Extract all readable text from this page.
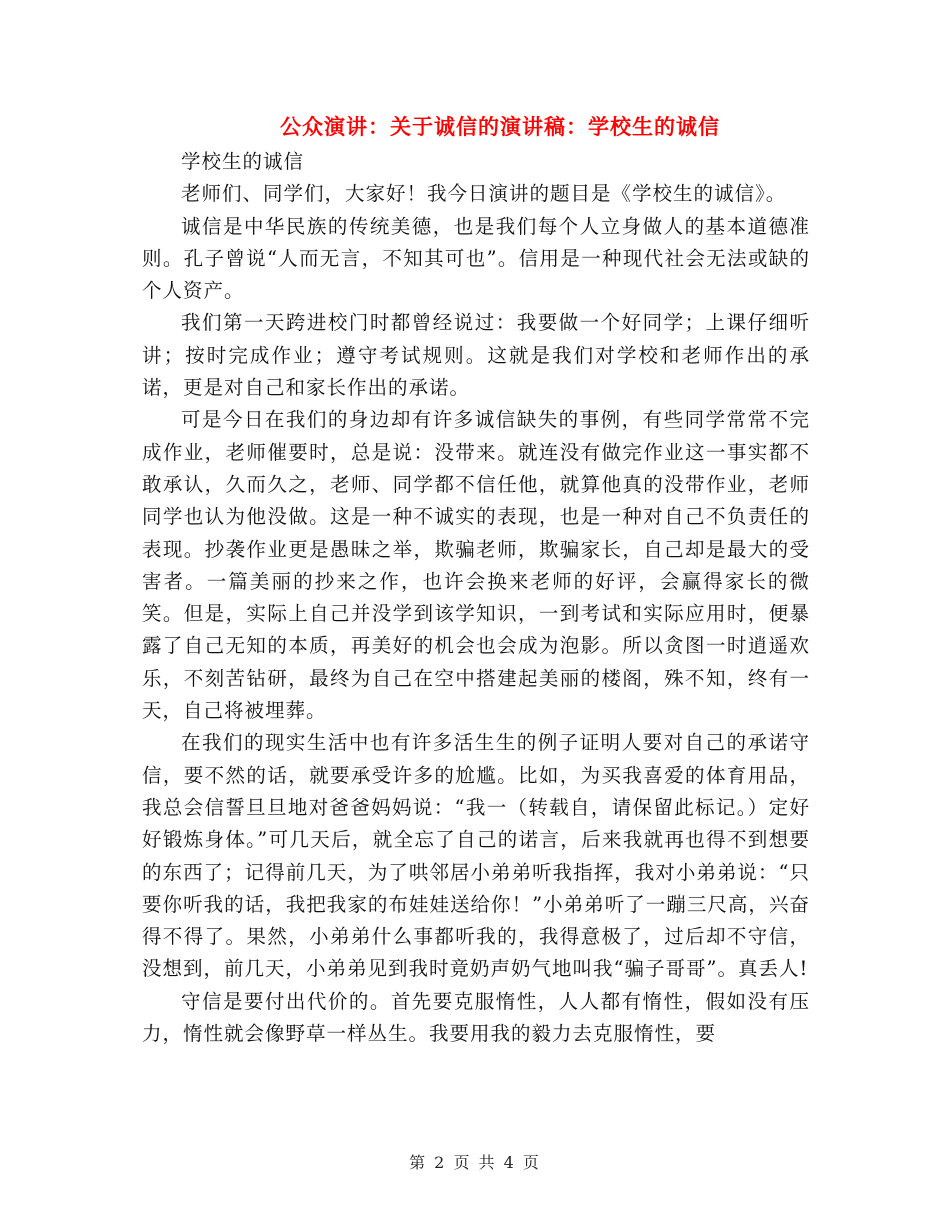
公众演讲：关于诚信的演讲稿：学校生的诚信

学校生的诚信

老师们、同学们，大家好！我今日演讲的题目是《学校生的诚信》。

诚信是中华民族的传统美德，也是我们每个人立身做人的基本道德准则。孔子曾说“人而无言，不知其可也”。信用是一种现代社会无法或缺的个人资产。

我们第一天跨进校门时都曾经说过：我要做一个好同学；上课仔细听讲；按时完成作业；遵守考试规则。这就是我们对学校和老师作出的承诺，更是对自己和家长作出的承诺。

可是今日在我们的身边却有许多诚信缺失的事例，有些同学常常不完成作业，老师催要时，总是说：没带来。就连没有做完作业这一事实都不敢承认，久而久之，老师、同学都不信任他，就算他真的没带作业，老师同学也认为他没做。这是一种不诚实的表现，也是一种对自己不负责任的表现。抄袭作业更是愚昧之举，欺骗老师，欺骗家长，自己却是最大的受害者。一篇美丽的抄来之作，也许会换来老师的好评，会赢得家长的微笑。但是，实际上自己并没学到该学知识，一到考试和实际应用时，便暴露了自己无知的本质，再美好的机会也会成为泡影。所以贪图一时逍遥欢乐，不刻苦钻研，最终为自己在空中搭建起美丽的楼阁，殊不知，终有一天，自己将被埋葬。

在我们的现实生活中也有许多活生生的例子证明人要对自己的承诺守信，要不然的话，就要承受许多的尬尴。比如，为买我喜爱的体育用品，我总会信誓旦旦地对爸爸妈妈说：“我一（转载自，请保留此标记。）定好好锻炼身体。”可几天后，就全忘了自己的诺言，后来我就再也得不到想要的东西了；记得前几天，为了哄邻居小弟弟听我指挥，我对小弟弟说：“只要你听我的话，我把我家的布娃娃送给你！”小弟弟听了一蹦三尺高，兴奋得不得了。果然，小弟弟什么事都听我的，我得意极了，过后却不守信，没想到，前几天，小弟弟见到我时竟奶声奶气地叫我“骗子哥哥”。真丢人!

守信是要付出代价的。首先要克服惰性，人人都有惰性，假如没有压力，惰性就会像野草一样丛生。我要用我的毅力去克服惰性，要

第 2 页 共 4 页
